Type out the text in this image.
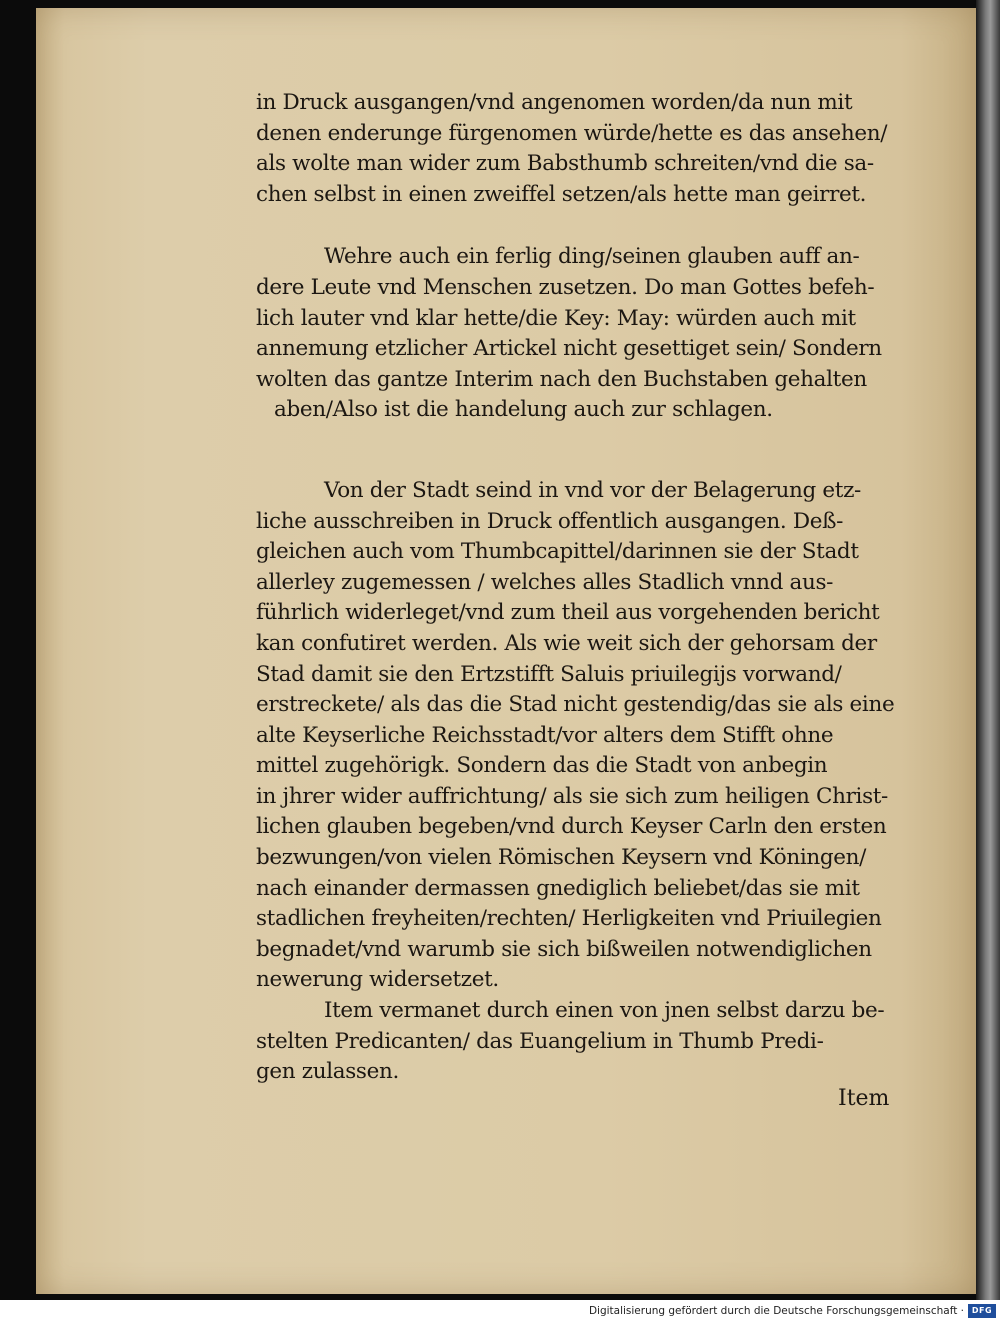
in Druck ausgangen/vnd angenomen worden/da nun mit
denen enderunge fürgenomen würde/hette es das ansehen/
als wolte man wider zum Babsthumb schreiten/vnd die sa-
chen selbst in einen zweiffel setzen/als hette man geirret.
Wehre auch ein ferlig ding/seinen glauben auff an-
dere Leute vnd Menschen zusetzen. Do man Gottes befeh-
lich lauter vnd klar hette/die Key: May: würden auch mit
annemung etzlicher Artickel nicht gesettiget sein/ Sondern
wolten das gantze Interim nach den Buchstaben gehalten
aben/Also ist die handelung auch zur schlagen.
Von der Stadt seind in vnd vor der Belagerung etz-
liche ausschreiben in Druck offentlich ausgangen. Deß-
gleichen auch vom Thumbcapittel/darinnen sie der Stadt
allerley zugemessen / welches alles Stadlich vnnd aus-
führlich widerleget/vnd zum theil aus vorgehenden bericht
kan confutiret werden. Als wie weit sich der gehorsam der
Stad damit sie den Ertzstifft Saluis priuilegijs vorwand/
erstreckete/ als das die Stad nicht gestendig/das sie als eine
alte Keyserliche Reichsstadt/vor alters dem Stifft ohne
mittel zugehörigk. Sondern das die Stadt von anbegin
in jhrer wider auffrichtung/ als sie sich zum heiligen Christ-
lichen glauben begeben/vnd durch Keyser Carln den ersten
bezwungen/von vielen Römischen Keysern vnd Köningen/
nach einander dermassen gnediglich beliebet/das sie mit
stadlichen freyheiten/rechten/ Herligkeiten vnd Priuilegien
begnadet/vnd warumb sie sich bißweilen notwendiglichen
newerung widersetzet.
Item vermanet durch einen von jnen selbst darzu be-
stelten Predicanten/ das Euangelium in Thumb Predi-
gen zulassen.
Item
Digitalisierung gefördert durch die Deutsche Forschungsgemeinschaft · DFG
